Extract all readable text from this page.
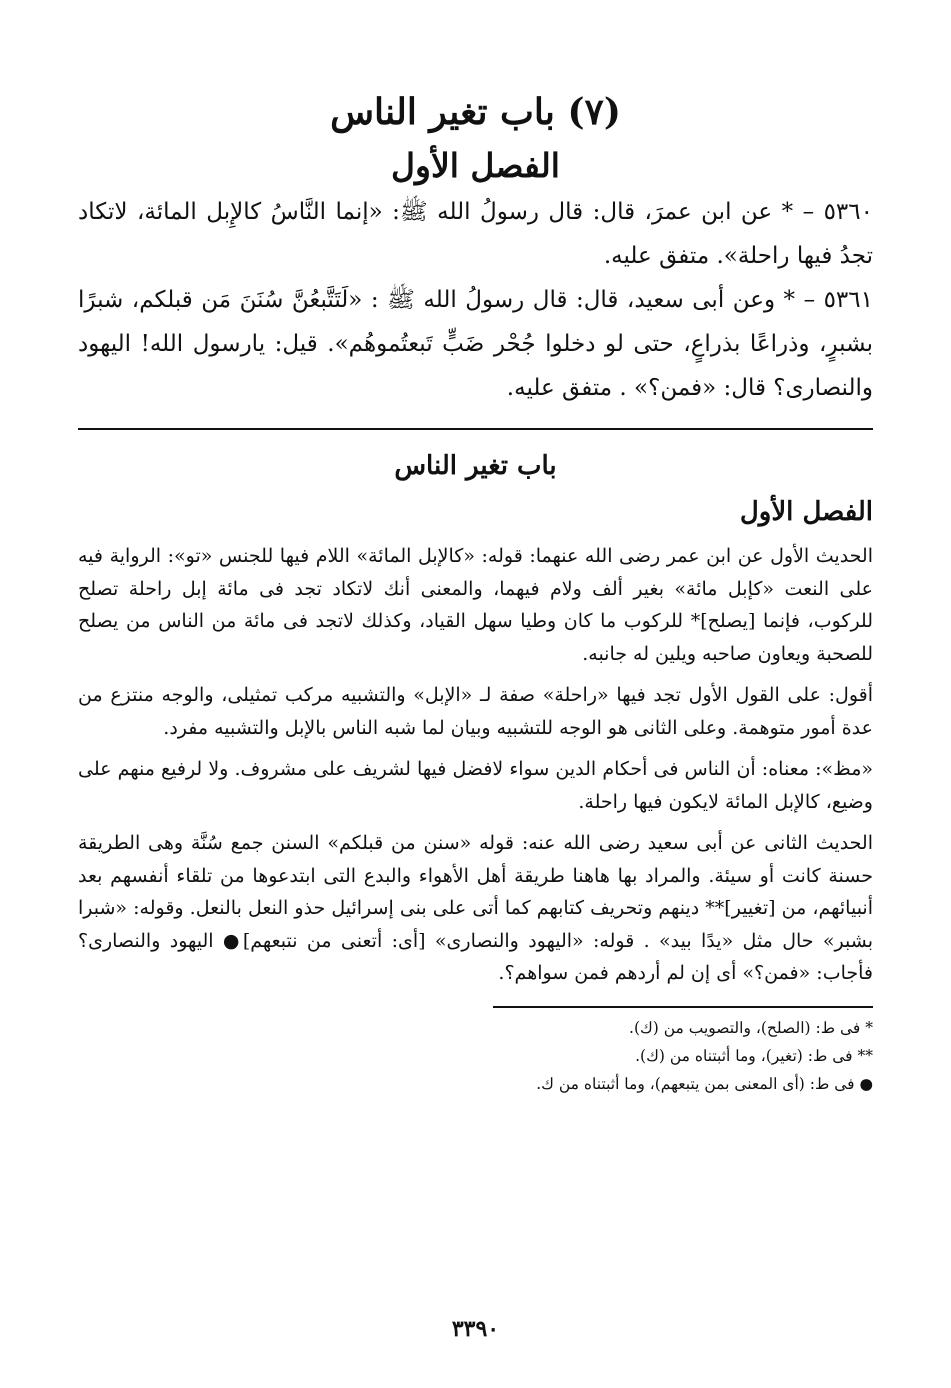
(٧) باب تغير الناس
الفصل الأول

٥٣٦٠ – * عن ابن عمرَ، قال: قال رسولُ الله ﷺ: «إنما النَّاسُ كالإِبل المائة، لاتكاد تجدُ فيها راحلة». متفق عليه.

٥٣٦١ – * وعن أبى سعيد، قال: قال رسولُ الله ﷺ : «لَتَتَّبعُنَّ سُنَنَ مَن قبلكم، شبرًا بشبرٍ، وذراعًا بذراعٍ، حتى لو دخلوا جُحْر ضَبٍّ تَبعتُموهُم». قيل: يارسول الله! اليهود والنصارى؟ قال: «فمن؟» . متفق عليه.

باب تغير الناس
الفصل الأول

الحديث الأول عن ابن عمر رضى الله عنهما: قوله: «كالإبل المائة» اللام فيها للجنس «تو»: الرواية فيه على النعت «كإبل مائة» بغير ألف ولام فيهما، والمعنى أنك لاتكاد تجد فى مائة إبل راحلة تصلح للركوب، فإنما [يصلح]* للركوب ما كان وطيا سهل القياد، وكذلك لاتجد فى مائة من الناس من يصلح للصحبة ويعاون صاحبه ويلين له جانبه.

أقول: على القول الأول تجد فيها «راحلة» صفة لـ «الإبل» والتشبيه مركب تمثيلى، والوجه منتزع من عدة أمور متوهمة. وعلى الثانى هو الوجه للتشبيه وبيان لما شبه الناس بالإبل والتشبيه مفرد.

«مظ»: معناه: أن الناس فى أحكام الدين سواء لافضل فيها لشريف على مشروف. ولا لرفيع منهم على وضيع، كالإبل المائة لايكون فيها راحلة.

الحديث الثانى عن أبى سعيد رضى الله عنه: قوله «سنن من قبلكم» السنن جمع سُنَّة وهى الطريقة حسنة كانت أو سيئة. والمراد بها هاهنا طريقة أهل الأهواء والبدع التى ابتدعوها من تلقاء أنفسهم بعد أنبيائهم، من [تغيير]** دينهم وتحريف كتابهم كما أتى على بنى إسرائيل حذو النعل بالنعل. وقوله: «شبرا بشبر» حال مثل «يدًا بيد» . قوله: «اليهود والنصارى» [أى: أتعنى من نتبعهم]● اليهود والنصارى؟ فأجاب: «فمن؟» أى إن لم أردهم فمن سواهم؟.

* فى ط: (الصلح)، والتصويب من (ك).
** فى ط: (تغير)، وما أثبتناه من (ك).
● فى ط: (أى المعنى بمن يتبعهم)، وما أثبتناه من ك.
٣٣٩٠
